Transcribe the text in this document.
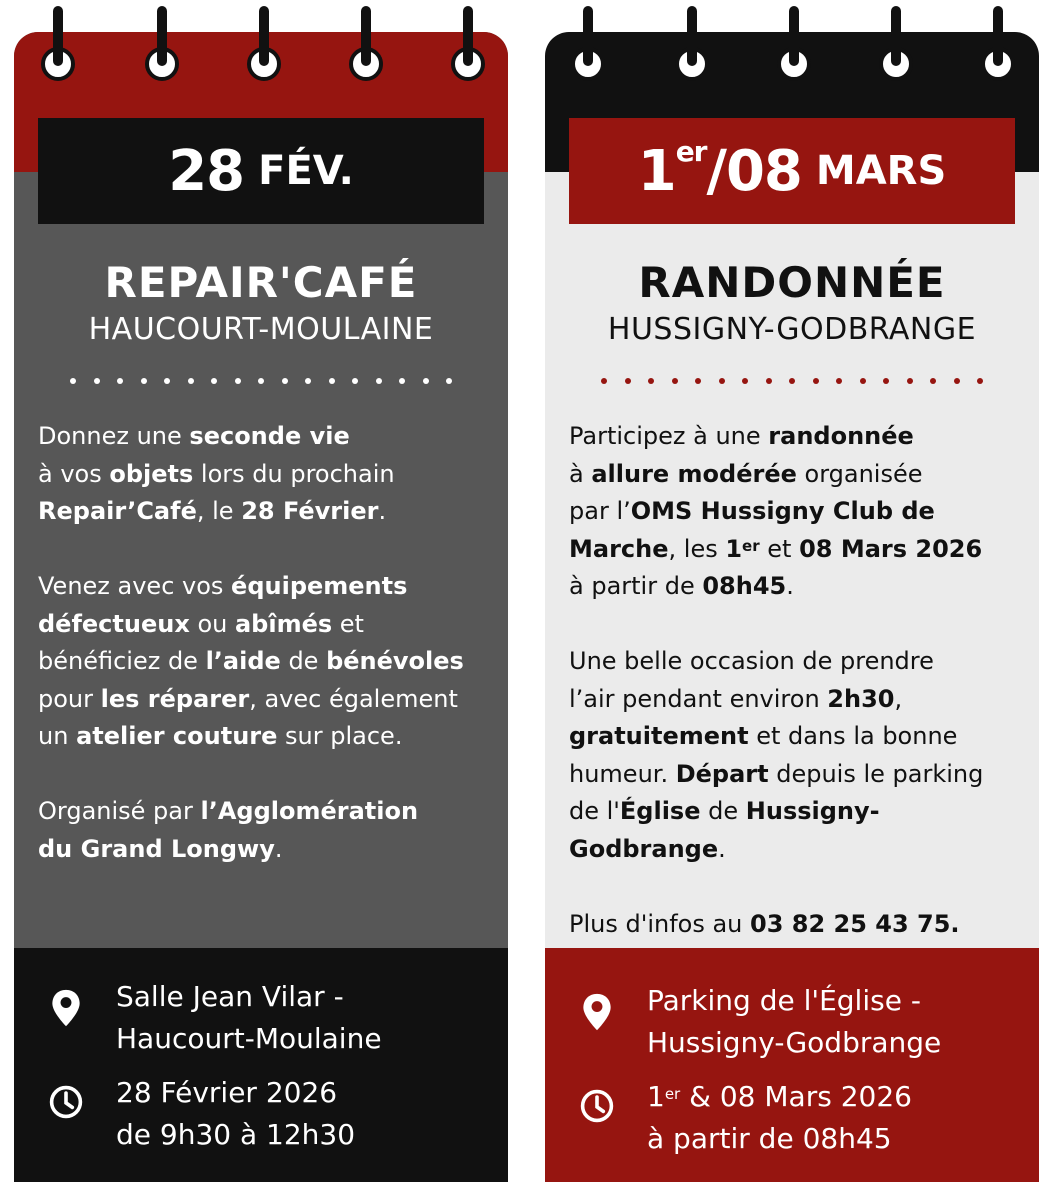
28 FÉV.
REPAIR'CAFÉ
HAUCOURT-MOULAINE

Donnez une seconde vie
à vos objets lors du prochain
Repair’Café, le 28 Février.

Venez avec vos équipements
défectueux ou abîmés et
bénéficiez de l’aide de bénévoles
pour les réparer, avec également
un atelier couture sur place.

Organisé par l’Agglomération
du Grand Longwy.

Salle Jean Vilar -
Haucourt-Moulaine
28 Février 2026
de 9h30 à 12h30
1er/08 MARS
RANDONNÉE
HUSSIGNY-GODBRANGE

Participez à une randonnée
à allure modérée organisée
par l’OMS Hussigny Club de
Marche, les 1er et 08 Mars 2026
à partir de 08h45.

Une belle occasion de prendre
l’air pendant environ 2h30,
gratuitement et dans la bonne
humeur. Départ depuis le parking
de l'Église de Hussigny-Godbrange.

Plus d'infos au 03 82 25 43 75.

Parking de l'Église -
Hussigny-Godbrange
1er & 08 Mars 2026
à partir de 08h45
